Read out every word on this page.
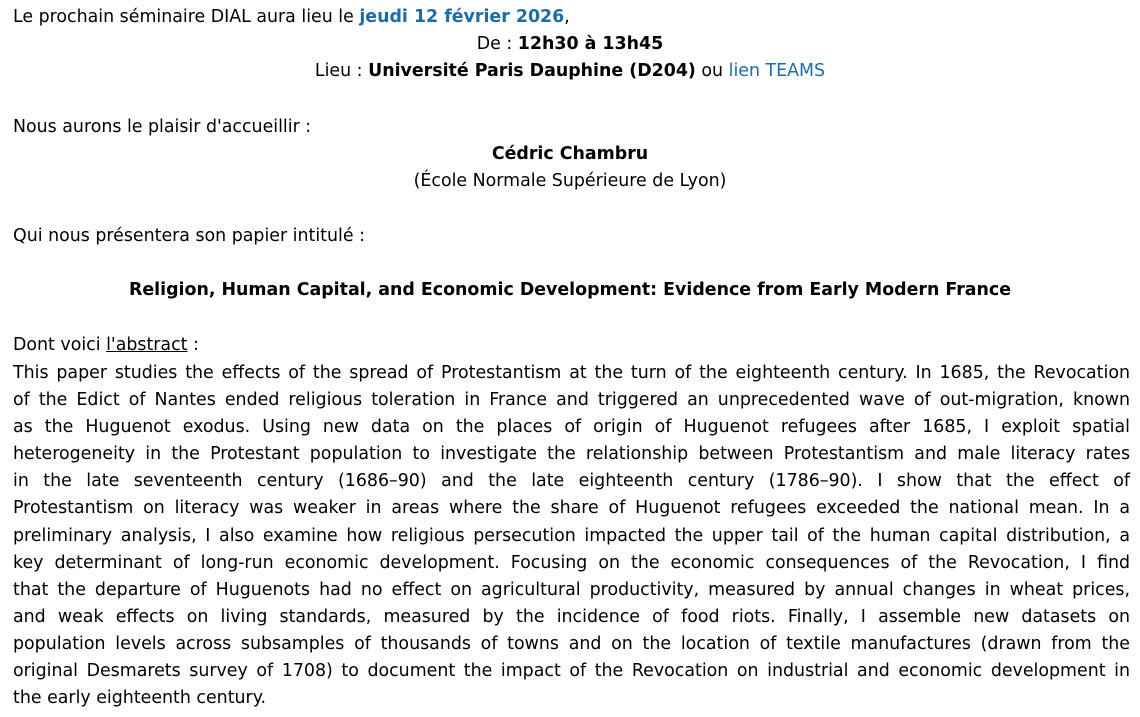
Le prochain séminaire DIAL aura lieu le jeudi 12 février 2026,
De : 12h30 à 13h45
Lieu : Université Paris Dauphine (D204) ou lien TEAMS
Nous aurons le plaisir d'accueillir :
Cédric Chambru
(École Normale Supérieure de Lyon)
Qui nous présentera son papier intitulé :
Religion, Human Capital, and Economic Development: Evidence from Early Modern France
Dont voici l'abstract :
This paper studies the effects of the spread of Protestantism at the turn of the eighteenth century. In 1685, the Revocation
of the Edict of Nantes ended religious toleration in France and triggered an unprecedented wave of out-migration, known
as the Huguenot exodus. Using new data on the places of origin of Huguenot refugees after 1685, I exploit spatial
heterogeneity in the Protestant population to investigate the relationship between Protestantism and male literacy rates
in the late seventeenth century (1686–90) and the late eighteenth century (1786–90). I show that the effect of
Protestantism on literacy was weaker in areas where the share of Huguenot refugees exceeded the national mean. In a
preliminary analysis, I also examine how religious persecution impacted the upper tail of the human capital distribution, a
key determinant of long-run economic development. Focusing on the economic consequences of the Revocation, I find
that the departure of Huguenots had no effect on agricultural productivity, measured by annual changes in wheat prices,
and weak effects on living standards, measured by the incidence of food riots. Finally, I assemble new datasets on
population levels across subsamples of thousands of towns and on the location of textile manufactures (drawn from the
original Desmarets survey of 1708) to document the impact of the Revocation on industrial and economic development in
the early eighteenth century.
